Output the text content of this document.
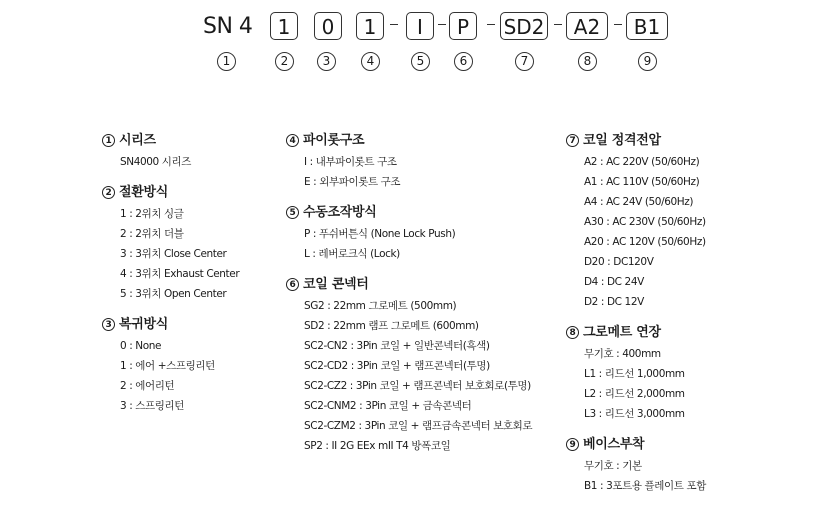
SN 4	1	0	1	I	P	SD2	A2	B1
1	2	3	4	5	6	7	8	9
1 시리즈
SN4000 시리즈
2 절환방식
1 : 2위치 싱글
2 : 2위치 더블
3 : 3위치 Close Center
4 : 3위치 Exhaust Center
5 : 3위치 Open Center
3 복귀방식
0 : None
1 : 에어 +스프링리턴
2 : 에어리턴
3 : 스프링리턴
4 파이롯구조
I : 내부파이롯트 구조
E : 외부파이롯트 구조
5 수동조작방식
P : 푸쉬버튼식 (None Lock Push)
L : 레버로크식 (Lock)
6 코일 콘넥터
SG2 : 22mm 그로메트 (500mm)
SD2 : 22mm 램프 그로메트 (600mm)
SC2-CN2 : 3Pin 코일 + 일반콘넥터(흑색)
SC2-CD2 : 3Pin 코일 + 램프콘넥터(투명)
SC2-CZ2 : 3Pin 코일 + 램프콘넥터 보호회로(투명)
SC2-CNM2 : 3Pin 코일 + 금속콘넥터
SC2-CZM2 : 3Pin 코일 + 램프금속콘넥터 보호회로
SP2 : II 2G EEx mII T4 방폭코일
7 코일 정격전압
A2 : AC 220V (50/60Hz)
A1 : AC 110V (50/60Hz)
A4 : AC 24V (50/60Hz)
A30 : AC 230V (50/60Hz)
A20 : AC 120V (50/60Hz)
D20 : DC120V
D4 : DC 24V
D2 : DC 12V
8 그로메트 연장
무기호 : 400mm
L1 : 리드선 1,000mm
L2 : 리드선 2,000mm
L3 : 리드선 3,000mm
9 베이스부착
무기호 : 기본
B1 : 3포트용 플레이트 포함
